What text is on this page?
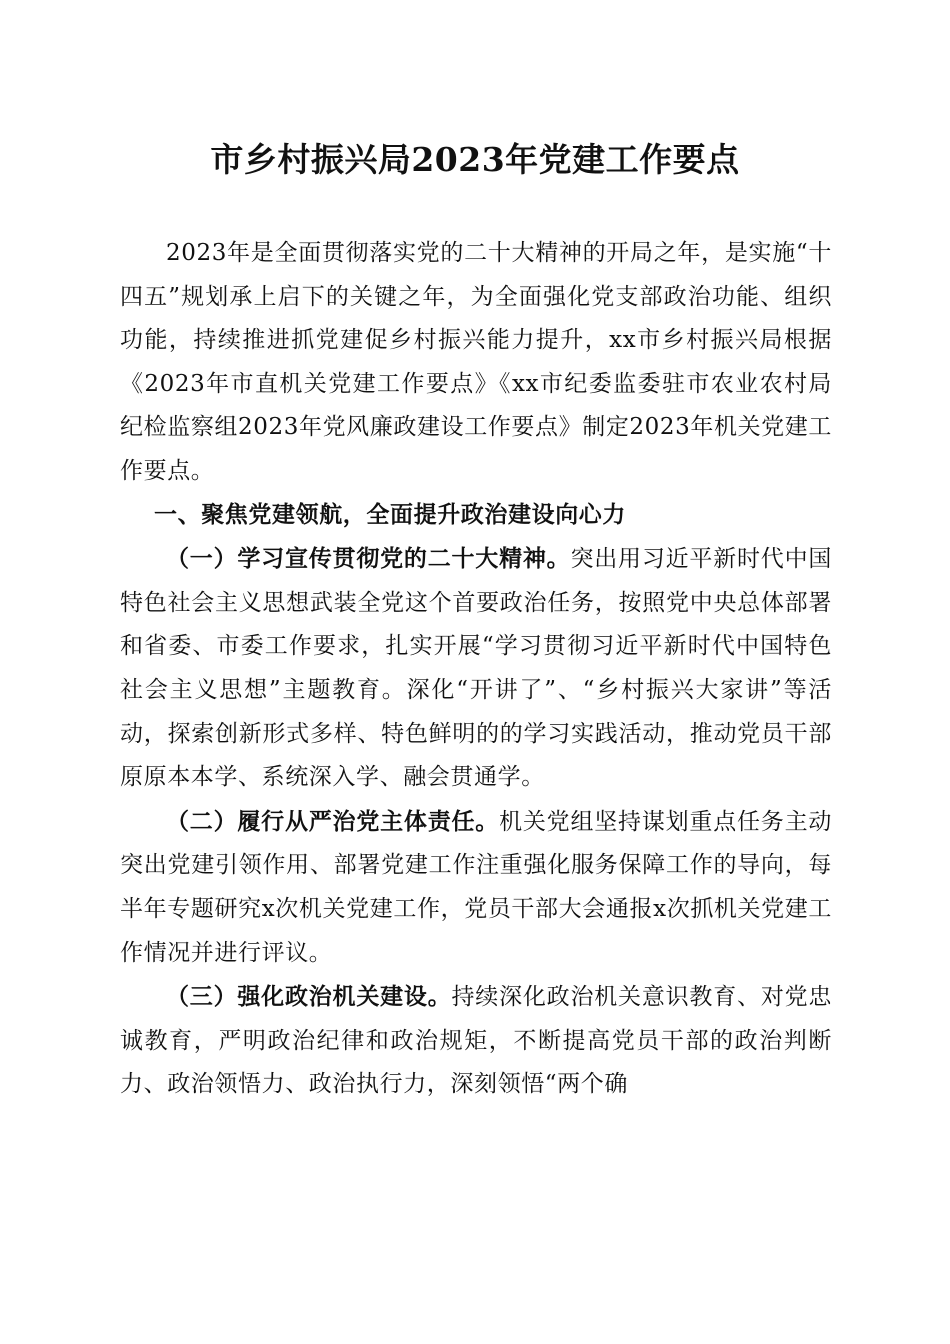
市乡村振兴局2023年党建工作要点

2023年是全面贯彻落实党的二十大精神的开局之年，是实施“十四五”规划承上启下的关键之年，为全面强化党支部政治功能、组织功能，持续推进抓党建促乡村振兴能力提升，xx市乡村振兴局根据《2023年市直机关党建工作要点》《xx市纪委监委驻市农业农村局纪检监察组2023年党风廉政建设工作要点》制定2023年机关党建工作要点。

一、聚焦党建领航，全面提升政治建设向心力

（一）学习宣传贯彻党的二十大精神。突出用习近平新时代中国特色社会主义思想武装全党这个首要政治任务，按照党中央总体部署和省委、市委工作要求，扎实开展“学习贯彻习近平新时代中国特色社会主义思想”主题教育。深化“开讲了”、“乡村振兴大家讲”等活动，探索创新形式多样、特色鲜明的的学习实践活动，推动党员干部原原本本学、系统深入学、融会贯通学。

（二）履行从严治党主体责任。机关党组坚持谋划重点任务主动突出党建引领作用、部署党建工作注重强化服务保障工作的导向，每半年专题研究x次机关党建工作，党员干部大会通报x次抓机关党建工作情况并进行评议。

（三）强化政治机关建设。持续深化政治机关意识教育、对党忠诚教育，严明政治纪律和政治规矩，不断提高党员干部的政治判断力、政治领悟力、政治执行力，深刻领悟“两个确
